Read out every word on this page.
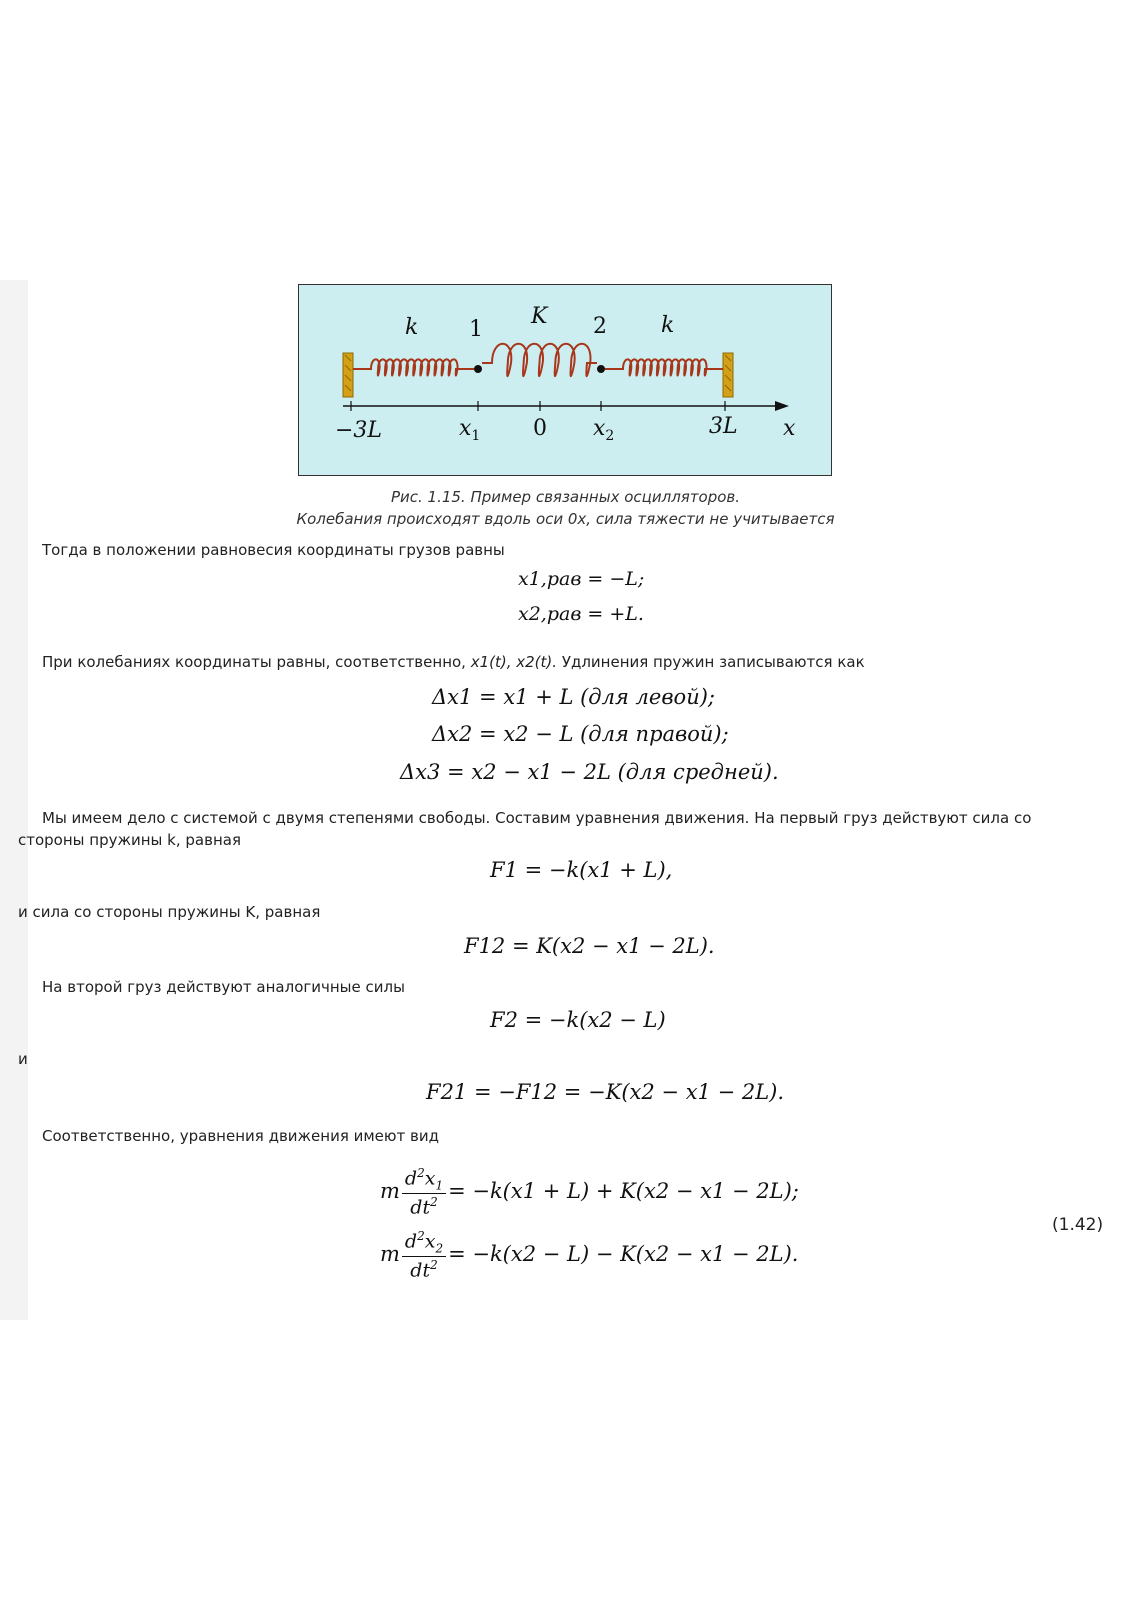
k 1
K 2 k
−3L	$x_1$ 0 $x_2$	3L x
Рис. 1.15. Пример связанных осцилляторов.
Колебания происходят вдоль оси 0x, сила тяжести не учитывается
Тогда в положении равновесия координаты грузов равны
x1,рав = −L;
x2,рав = +L.
При колебаниях координаты равны, соответственно, x1(t), x2(t). Удлинения пружин записываются как
Δx1 = x1 + L (для левой);
Δx2 = x2 − L (для правой);
Δx3 = x2 − x1 − 2L (для средней).
Мы имеем дело с системой с двумя степенями свободы. Составим уравнения движения. На первый груз действуют сила со
стороны пружины k, равная
F1 = −k(x1 + L),
и сила со стороны пружины K, равная
F12 = K(x2 − x1 − 2L).
На второй груз действуют аналогичные силы
F2 = −k(x2 − L)
и
F21 = −F12 = −K(x2 − x1 − 2L).
Соответственно, уравнения движения имеют вид
m $\frac{d^2x_1}{dt^2} = -k(x1 + L) + K(x2 - x1 - 2L)$;
m $\frac{d^2x_2}{dt^2} = -k(x2 - L) - K(x2 - x1 - 2L)$.
(1.42)
